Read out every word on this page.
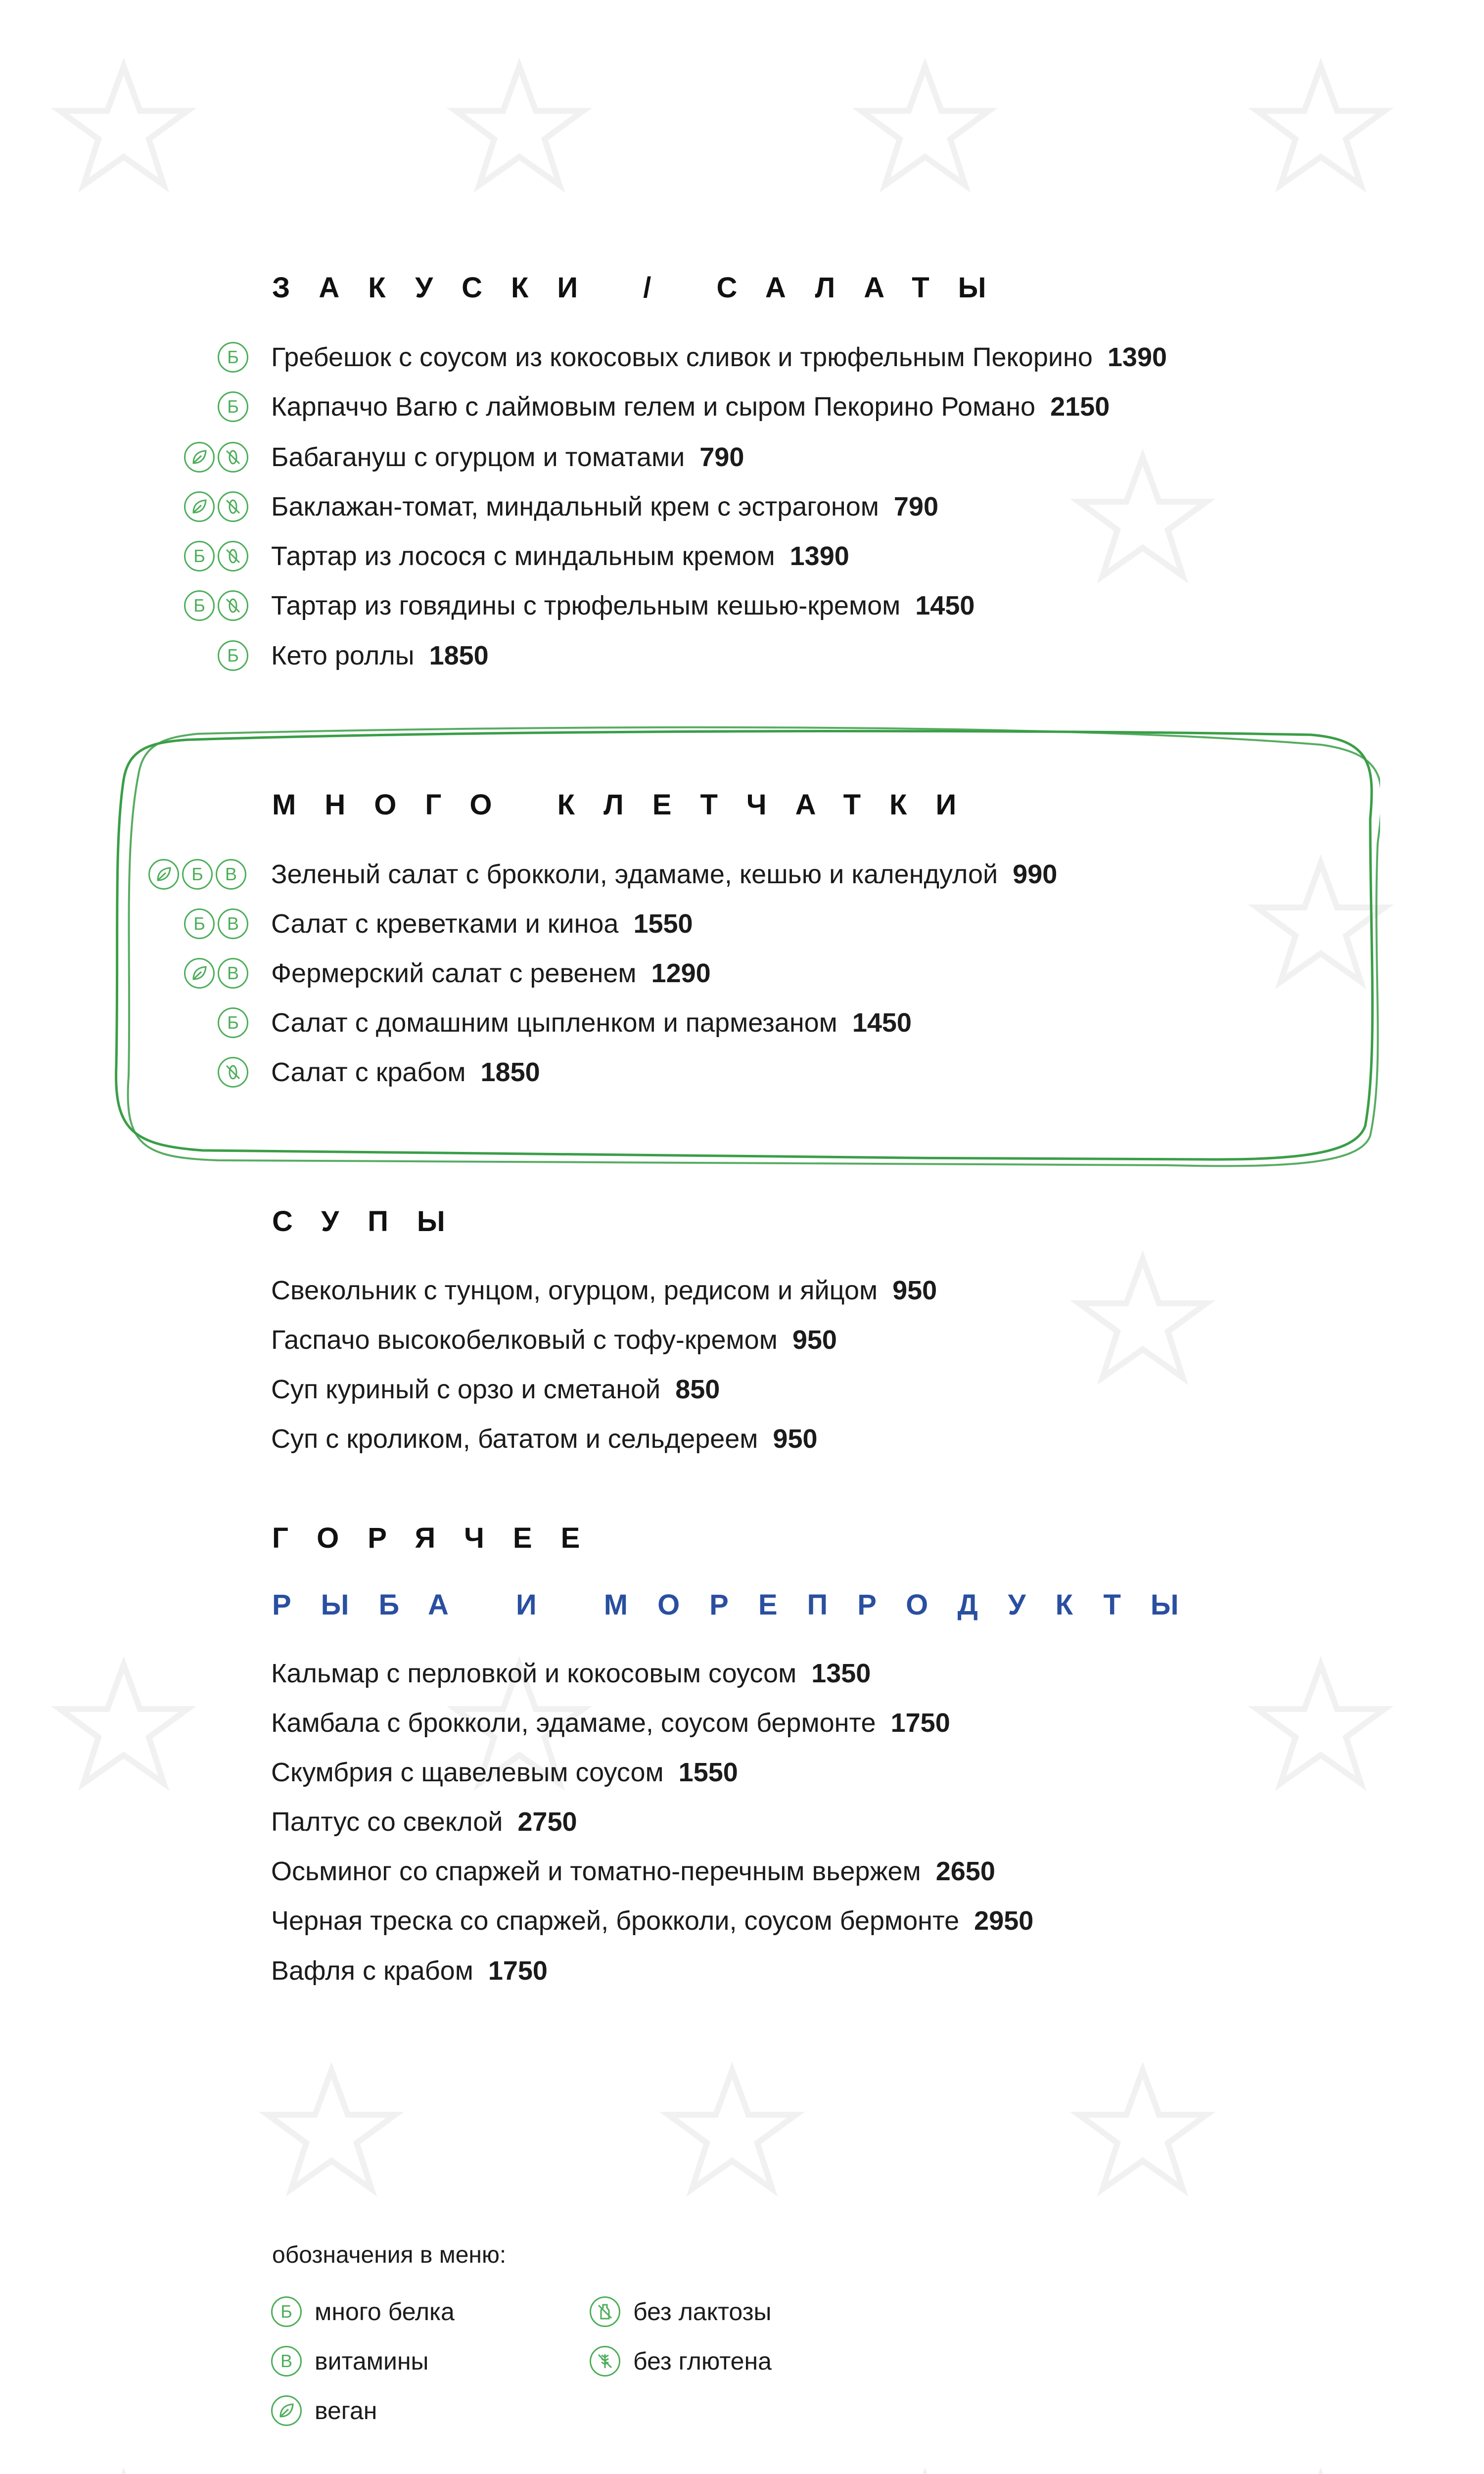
ЗАКУСКИ / САЛАТЫ
Б	Гребешок с соусом из кокосовых сливок и трюфельным Пекорино 1390
Б	Карпаччо Вагю с лаймовым гелем и сыром Пекорино Романо 2150
Бабагануш с огурцом и томатами 790
Баклажан-томат, миндальный крем с эстрагоном 790
Б	Тартар из лосося с миндальным кремом 1390
Б	Тартар из говядины с трюфельным кешью-кремом 1450
Б	Кето роллы 1850
МНОГО КЛЕТЧАТКИ
Б	В	Зеленый салат с брокколи, эдамаме, кешью и календулой 990
Б	В	Салат с креветками и киноа 1550
В	Фермерский салат с ревенем 1290
Б	Салат с домашним цыпленком и пармезаном 1450
Салат с крабом 1850
СУПЫ
Свекольник с тунцом, огурцом, редисом и яйцом 950
Гаспачо высокобелковый с тофу-кремом 950
Суп куриный с орзо и сметаной 850
Суп с кроликом, бататом и сельдереем 950
ГОРЯЧЕЕ
РЫБА И МОРЕПРОДУКТЫ
Кальмар с перловкой и кокосовым соусом 1350
Камбала с брокколи, эдамаме, соусом бермонте 1750
Скумбрия с щавелевым соусом 1550
Палтус со свеклой 2750
Осьминог со спаржей и томатно-перечным вьержем 2650
Черная треска со спаржей, брокколи, соусом бермонте 2950
Вафля с крабом 1750

обозначения в меню:

Б много белка
В витамины
веган
без лактозы
без глютена
